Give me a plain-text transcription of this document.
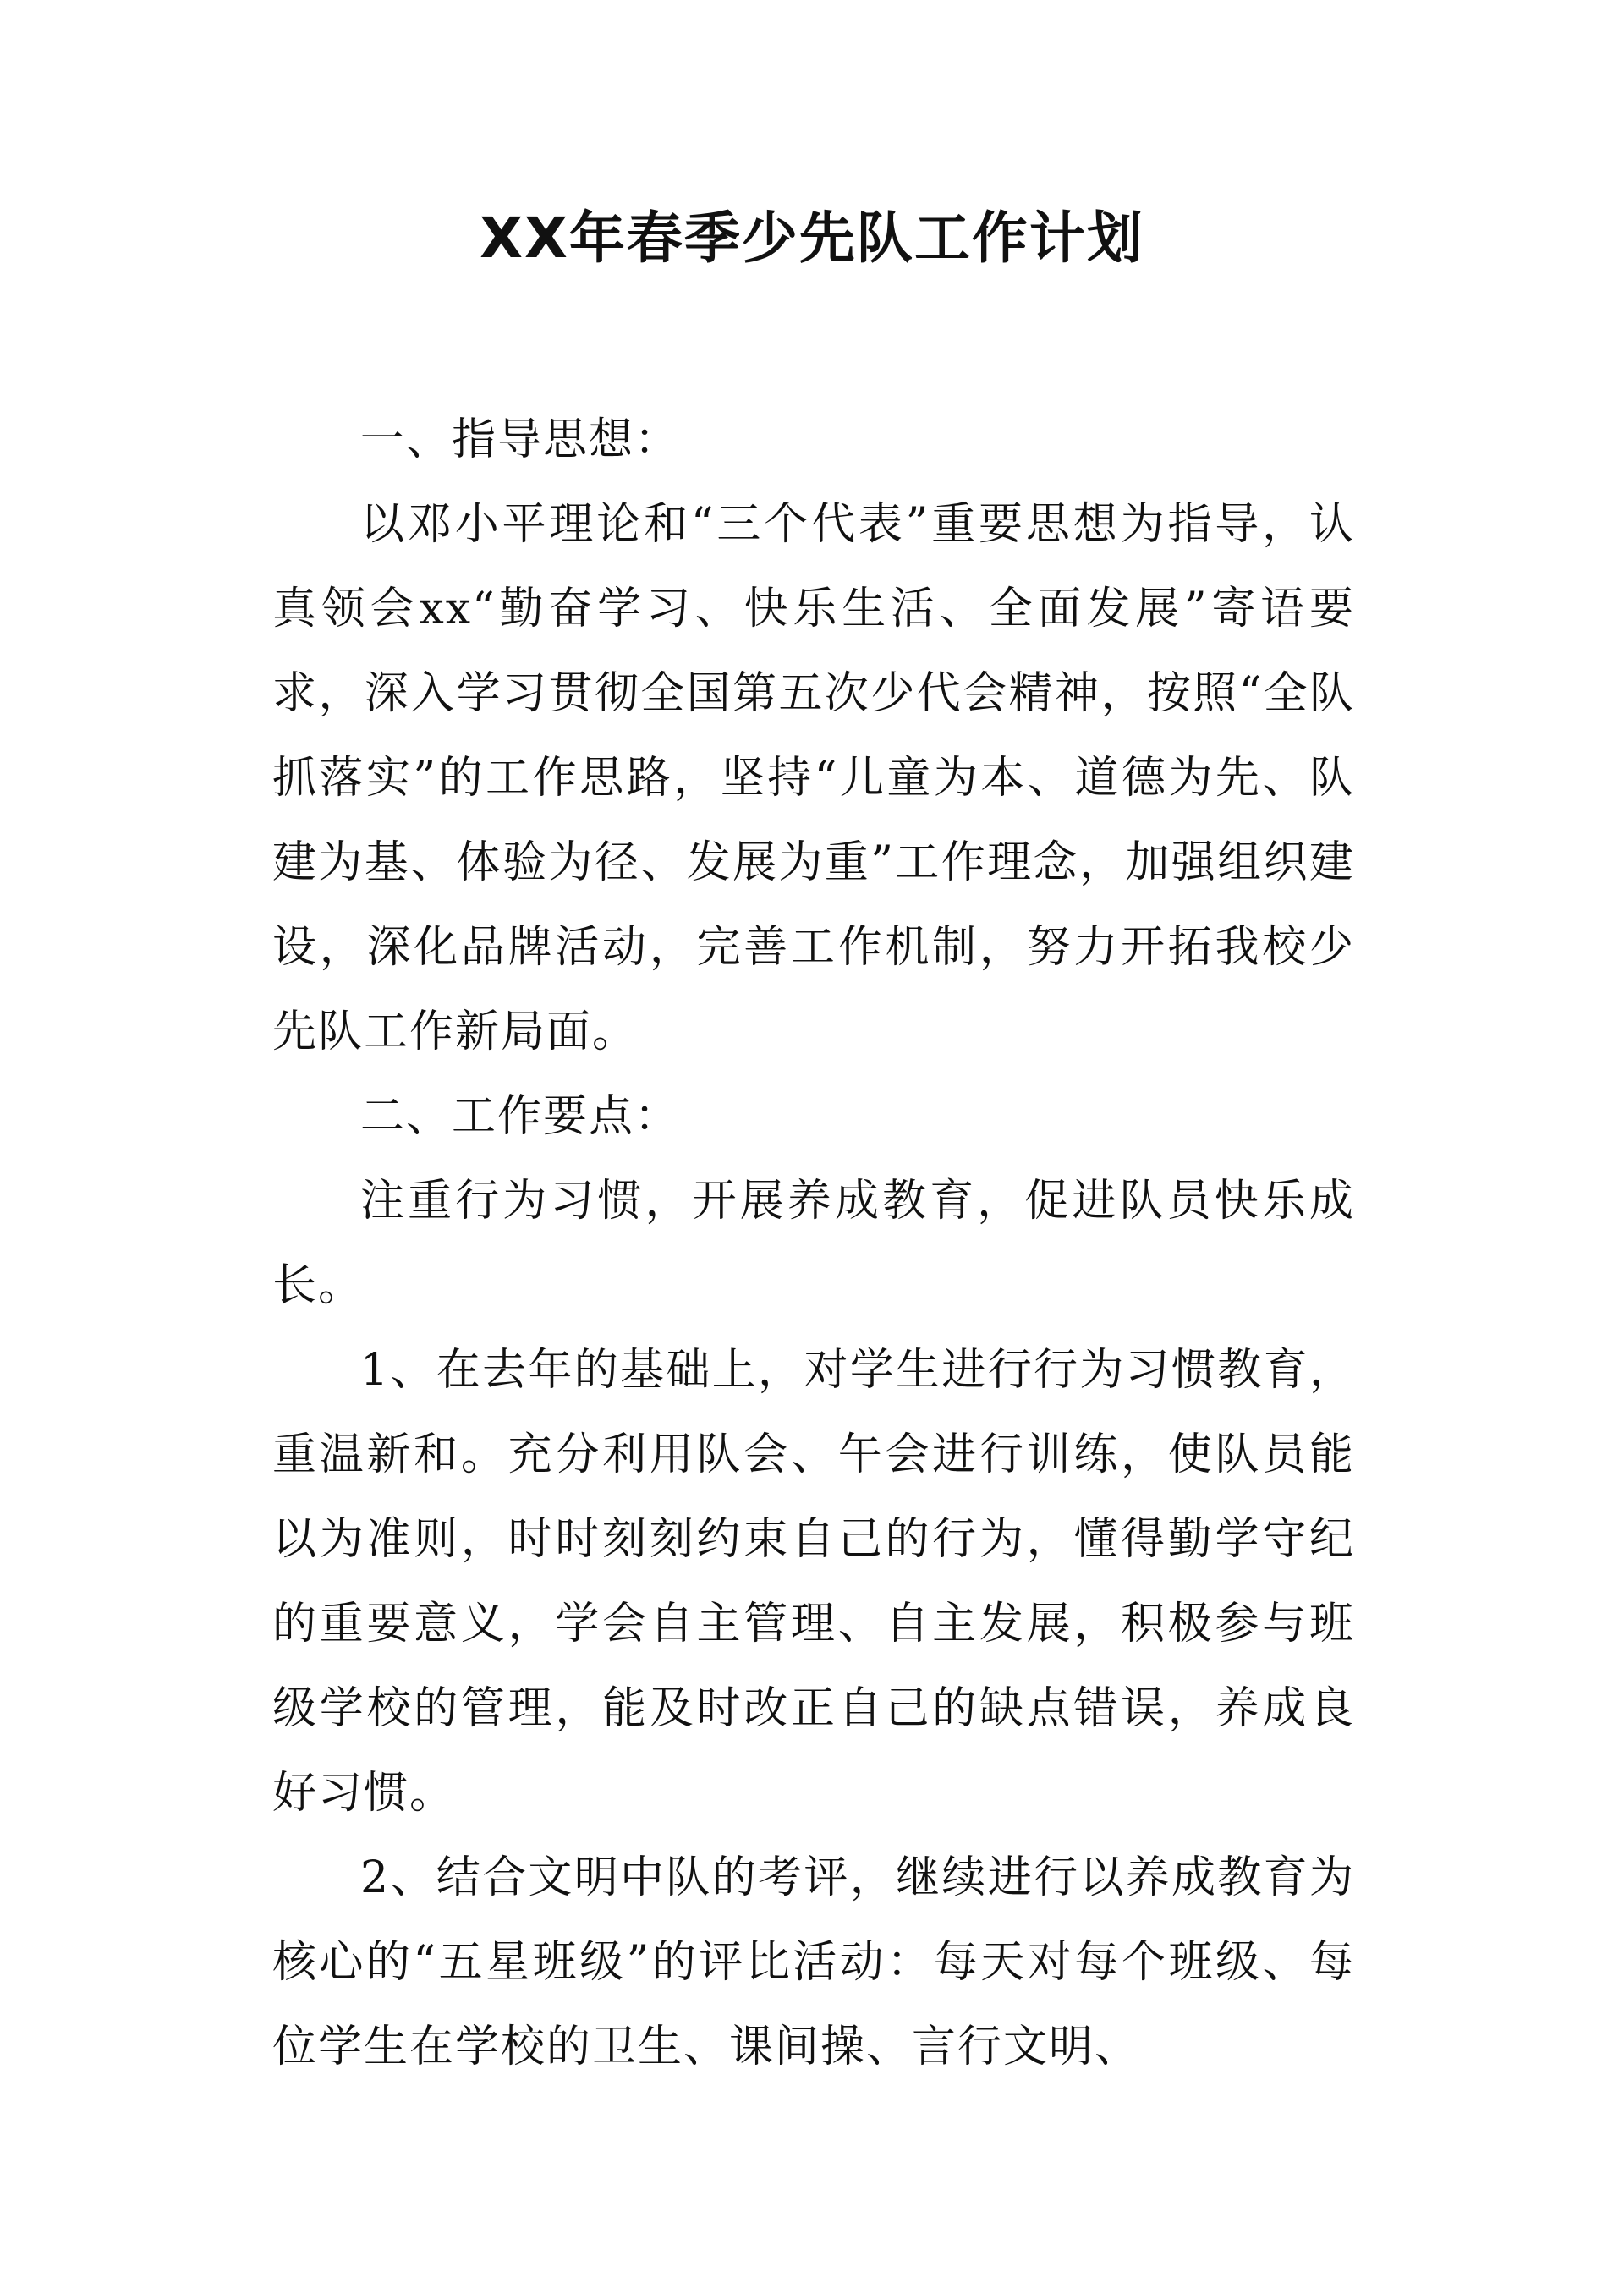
XX年春季少先队工作计划

一、指导思想：

以邓小平理论和“三个代表”重要思想为指导，认真领会xx“勤奋学习、快乐生活、全面发展”寄语要求，深入学习贯彻全国第五次少代会精神，按照“全队抓落实”的工作思路，坚持“儿童为本、道德为先、队建为基、体验为径、发展为重”工作理念，加强组织建设，深化品牌活动，完善工作机制，努力开拓我校少先队工作新局面。

二、工作要点：

注重行为习惯，开展养成教育，促进队员快乐成长。

1、在去年的基础上，对学生进行行为习惯教育，重温新和。充分利用队会、午会进行训练，使队员能以为准则，时时刻刻约束自己的行为，懂得勤学守纪的重要意义，学会自主管理、自主发展，积极参与班级学校的管理，能及时改正自己的缺点错误，养成良好习惯。

2、结合文明中队的考评，继续进行以养成教育为核心的“五星班级”的评比活动：每天对每个班级、每位学生在学校的卫生、课间操、言行文明、
